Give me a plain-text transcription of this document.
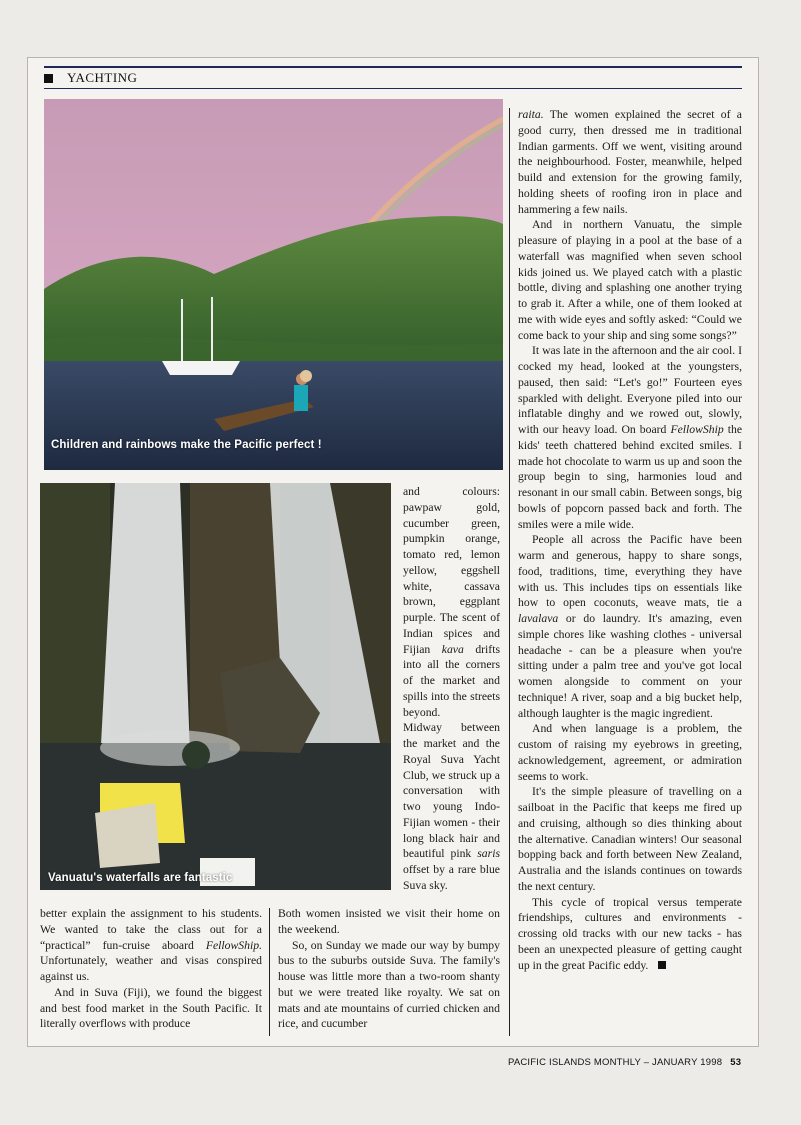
YACHTING
Children and rainbows make the Pacific perfect !
Vanuatu's waterfalls are fantastic

raita. The women explained the secret of a good curry, then dressed me in traditional Indian garments. Off we went, visiting around the neighbourhood. Foster, meanwhile, helped build and extension for the growing family, holding sheets of roofing iron in place and hammering a few nails.

And in northern Vanuatu, the simple pleasure of playing in a pool at the base of a waterfall was magnified when seven school kids joined us. We played catch with a plastic bottle, diving and splashing one another trying to grab it. After a while, one of them looked at me with wide eyes and softly asked: “Could we come back to your ship and sing some songs?”

It was late in the afternoon and the air cool. I cocked my head, looked at the youngsters, paused, then said: “Let's go!” Fourteen eyes sparkled with delight. Everyone piled into our inflatable dinghy and we rowed out, slowly, with our heavy load. On board FellowShip the kids' teeth chattered behind excited smiles. I made hot chocolate to warm us up and soon the group begin to sing, harmonies loud and resonant in our small cabin. Between songs, big bowls of popcorn passed back and forth. The smiles were a mile wide.

People all across the Pacific have been warm and generous, happy to share songs, food, traditions, time, everything they have with us. This includes tips on essentials like how to open coconuts, weave mats, tie a lavalava or do laundry. It's amazing, even simple chores like washing clothes - universal headache - can be a pleasure when you're sitting under a palm tree and you've got local women alongside to comment on your technique! A river, soap and a big bucket help, although laughter is the magic ingredient.

And when language is a problem, the custom of raising my eyebrows in greeting, acknowledgement, agreement, or admiration seems to work.

It's the simple pleasure of travelling on a sailboat in the Pacific that keeps me fired up and cruising, although so dies thinking about the alternative. Canadian winters! Our seasonal bopping back and forth between New Zealand, Australia and the islands continues on towards the next century.

This cycle of tropical versus temperate friendships, cultures and environments - crossing old tracks with our new tacks - has been an unexpected pleasure of getting caught up in the great Pacific eddy.

and colours: pawpaw gold, cucumber green, pumpkin orange, tomato red, lemon yellow, eggshell white, cassava brown, eggplant purple. The scent of Indian spices and Fijian kava drifts into all the corners of the market and spills into the streets beyond.

Midway between the market and the Royal Suva Yacht Club, we struck up a conversation with two young Indo-Fijian women - their long black hair and beautiful pink saris offset by a rare blue Suva sky.

better explain the assignment to his students. We wanted to take the class out for a “practical” fun-cruise aboard FellowShip. Unfortunately, weather and visas conspired against us.

And in Suva (Fiji), we found the biggest and best food market in the South Pacific. It literally overflows with produce

Both women insisted we visit their home on the weekend.

So, on Sunday we made our way by bumpy bus to the suburbs outside Suva. The family's house was little more than a two-room shanty but we were treated like royalty. We sat on mats and ate mountains of curried chicken and rice, and cucumber

PACIFIC ISLANDS MONTHLY – JANUARY 1998 53
